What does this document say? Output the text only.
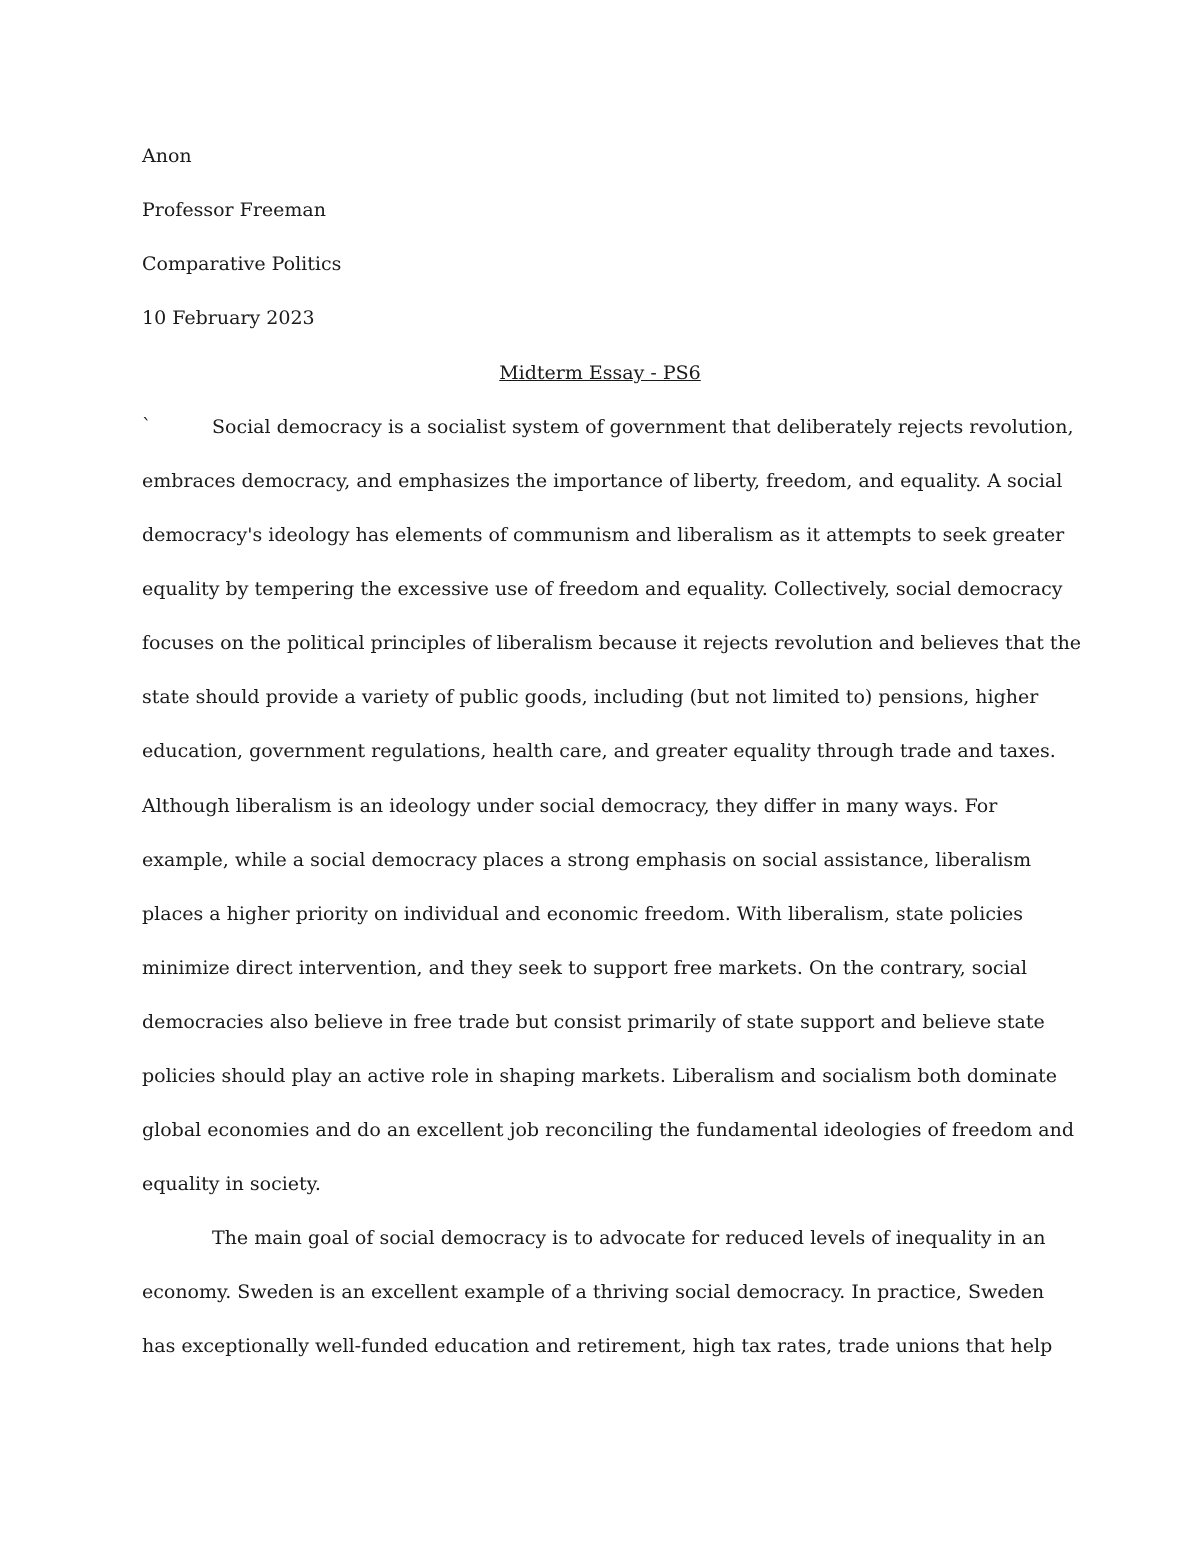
Anon
Professor Freeman
Comparative Politics
10 February 2023
Midterm Essay - PS6
`	Social democracy is a socialist system of government that deliberately rejects revolution,
embraces democracy, and emphasizes the importance of liberty, freedom, and equality. A social
democracy's ideology has elements of communism and liberalism as it attempts to seek greater
equality by tempering the excessive use of freedom and equality. Collectively, social democracy
focuses on the political principles of liberalism because it rejects revolution and believes that the
state should provide a variety of public goods, including (but not limited to) pensions, higher
education, government regulations, health care, and greater equality through trade and taxes.
Although liberalism is an ideology under social democracy, they differ in many ways. For
example, while a social democracy places a strong emphasis on social assistance, liberalism
places a higher priority on individual and economic freedom. With liberalism, state policies
minimize direct intervention, and they seek to support free markets. On the contrary, social
democracies also believe in free trade but consist primarily of state support and believe state
policies should play an active role in shaping markets. Liberalism and socialism both dominate
global economies and do an excellent job reconciling the fundamental ideologies of freedom and
equality in society.
The main goal of social democracy is to advocate for reduced levels of inequality in an
economy. Sweden is an excellent example of a thriving social democracy. In practice, Sweden
has exceptionally well-funded education and retirement, high tax rates, trade unions that help
